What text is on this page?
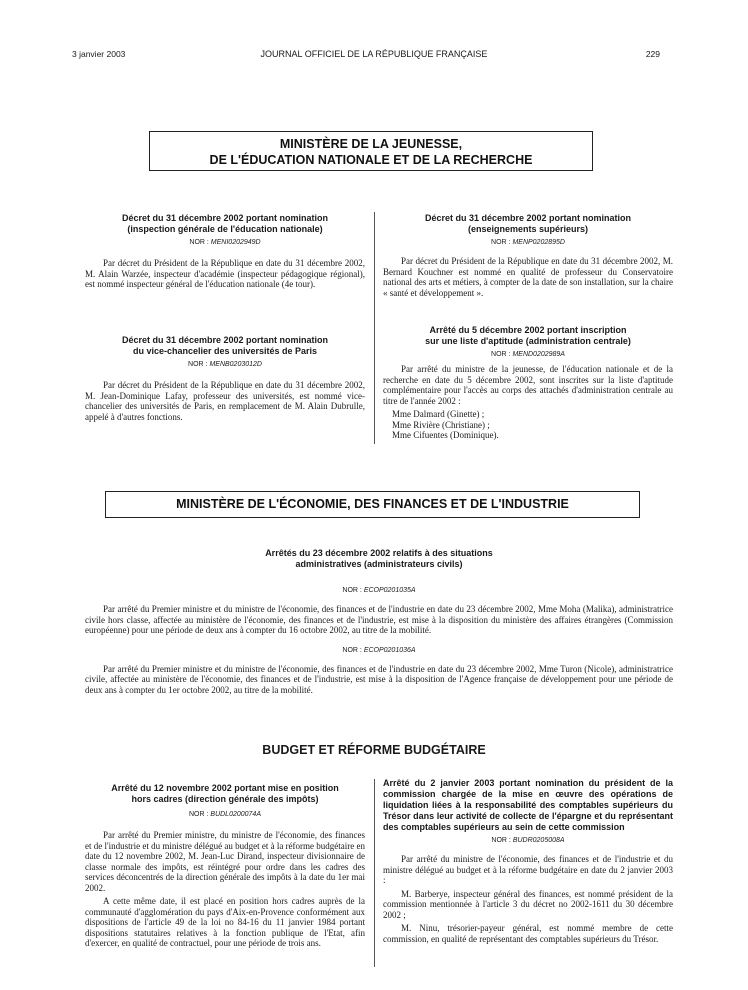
3 janvier 2003	JOURNAL OFFICIEL DE LA RÉPUBLIQUE FRANÇAISE	229
MINISTÈRE DE LA JEUNESSE,
DE L'ÉDUCATION NATIONALE ET DE LA RECHERCHE
Décret du 31 décembre 2002 portant nomination
(inspection générale de l'éducation nationale)
NOR : MENI0202949D

Par décret du Président de la République en date du 31 décembre 2002, M. Alain Warzée, inspecteur d'académie (inspecteur pédagogique régional), est nommé inspecteur général de l'éducation nationale (4e tour).

Décret du 31 décembre 2002 portant nomination
du vice-chancelier des universités de Paris
NOR : MENB0203012D

Par décret du Président de la République en date du 31 décembre 2002, M. Jean-Dominique Lafay, professeur des universités, est nommé vice-chancelier des universités de Paris, en remplacement de M. Alain Dubrulle, appelé à d'autres fonctions.

Décret du 31 décembre 2002 portant nomination
(enseignements supérieurs)
NOR : MENP0202895D

Par décret du Président de la République en date du 31 décembre 2002, M. Bernard Kouchner est nommé en qualité de professeur du Conservatoire national des arts et métiers, à compter de la date de son installation, sur la chaire « santé et développement ».

Arrêté du 5 décembre 2002 portant inscription
sur une liste d'aptitude (administration centrale)
NOR : MEND0202989A

Par arrêté du ministre de la jeunesse, de l'éducation nationale et de la recherche en date du 5 décembre 2002, sont inscrites sur la liste d'aptitude complémentaire pour l'accès au corps des attachés d'administration centrale au titre de l'année 2002 :

Mme Dalmard (Ginette) ;

Mme Rivière (Christiane) ;

Mme Cifuentes (Dominique).

MINISTÈRE DE L'ÉCONOMIE, DES FINANCES ET DE L'INDUSTRIE
Arrêtés du 23 décembre 2002 relatifs à des situations
administratives (administrateurs civils)
NOR : ECOP0201035A

Par arrêté du Premier ministre et du ministre de l'économie, des finances et de l'industrie en date du 23 décembre 2002, Mme Moha (Malika), administratrice civile hors classe, affectée au ministère de l'économie, des finances et de l'industrie, est mise à la disposition du ministère des affaires étrangères (Commission européenne) pour une période de deux ans à compter du 16 octobre 2002, au titre de la mobilité.

NOR : ECOP0201036A

Par arrêté du Premier ministre et du ministre de l'économie, des finances et de l'industrie en date du 23 décembre 2002, Mme Turon (Nicole), administratrice civile, affectée au ministère de l'économie, des finances et de l'industrie, est mise à la disposition de l'Agence française de développement pour une période de deux ans à compter du 1er octobre 2002, au titre de la mobilité.

BUDGET ET RÉFORME BUDGÉTAIRE
Arrêté du 12 novembre 2002 portant mise en position
hors cadres (direction générale des impôts)
NOR : BUDL0200074A

Par arrêté du Premier ministre, du ministre de l'économie, des finances et de l'industrie et du ministre délégué au budget et à la réforme budgétaire en date du 12 novembre 2002, M. Jean-Luc Dirand, inspecteur divisionnaire de classe normale des impôts, est réintégré pour ordre dans les cadres des services déconcentrés de la direction générale des impôts à la date du 1er mai 2002.

A cette même date, il est placé en position hors cadres auprès de la communauté d'agglomération du pays d'Aix-en-Provence conformément aux dispositions de l'article 49 de la loi no 84-16 du 11 janvier 1984 portant dispositions statutaires relatives à la fonction publique de l'Etat, afin d'exercer, en qualité de contractuel, pour une période de trois ans.

Arrêté du 2 janvier 2003 portant nomination du président de la commission chargée de la mise en œuvre des opérations de liquidation liées à la responsabilité des comptables supérieurs du Trésor dans leur activité de collecte de l'épargne et du représentant des comptables supérieurs au sein de cette commission
NOR : BUDR0205008A

Par arrêté du ministre de l'économie, des finances et de l'industrie et du ministre délégué au budget et à la réforme budgétaire en date du 2 janvier 2003 :

M. Barberye, inspecteur général des finances, est nommé président de la commission mentionnée à l'article 3 du décret no 2002-1611 du 30 décembre 2002 ;

M. Ninu, trésorier-payeur général, est nommé membre de cette commission, en qualité de représentant des comptables supérieurs du Trésor.
